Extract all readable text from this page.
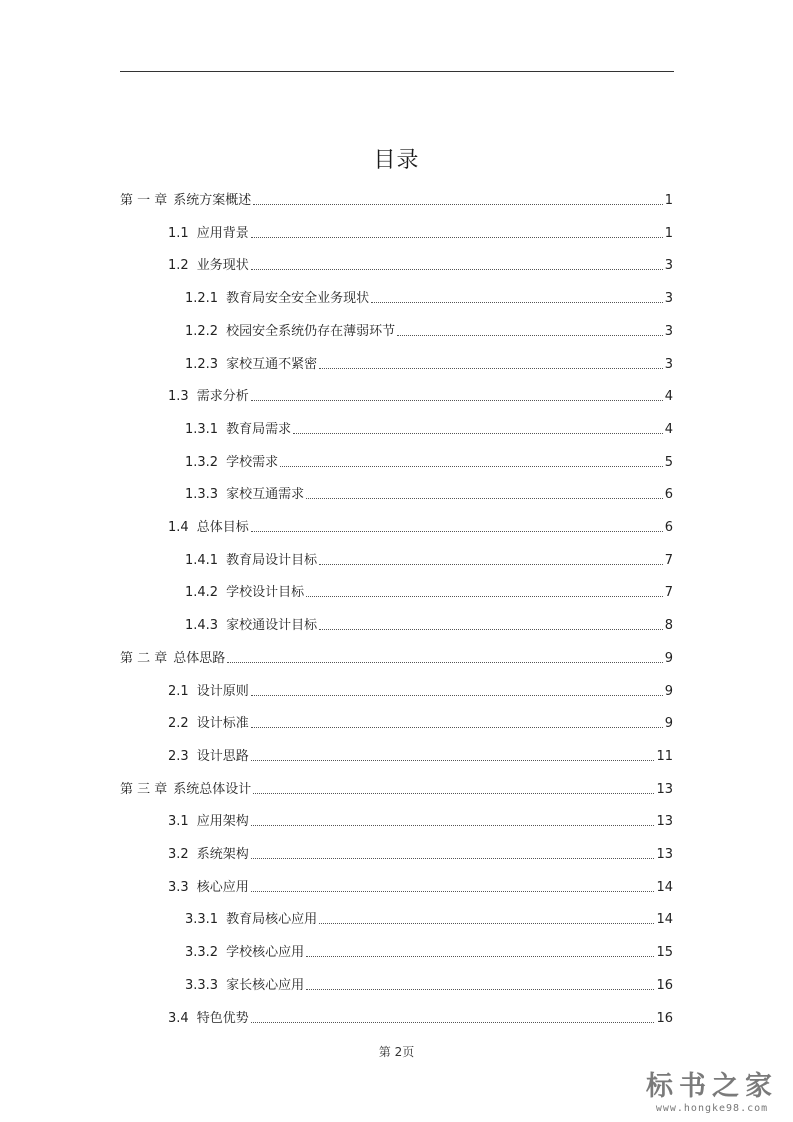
目录
第 一 章 系统方案概述	1
1.1 应用背景	1
1.2 业务现状	3
1.2.1 教育局安全安全业务现状	3
1.2.2 校园安全系统仍存在薄弱环节	3
1.2.3 家校互通不紧密	3
1.3 需求分析	4
1.3.1 教育局需求	4
1.3.2 学校需求	5
1.3.3 家校互通需求	6
1.4 总体目标	6
1.4.1 教育局设计目标	7
1.4.2 学校设计目标	7
1.4.3 家校通设计目标	8
第 二 章 总体思路	9
2.1 设计原则	9
2.2 设计标准	9
2.3 设计思路	11
第 三 章 系统总体设计	13
3.1 应用架构	13
3.2 系统架构	13
3.3 核心应用	14
3.3.1 教育局核心应用	14
3.3.2 学校核心应用	15
3.3.3 家长核心应用	16
3.4 特色优势	16
第 2页
标书之家
www.hongke98.com
